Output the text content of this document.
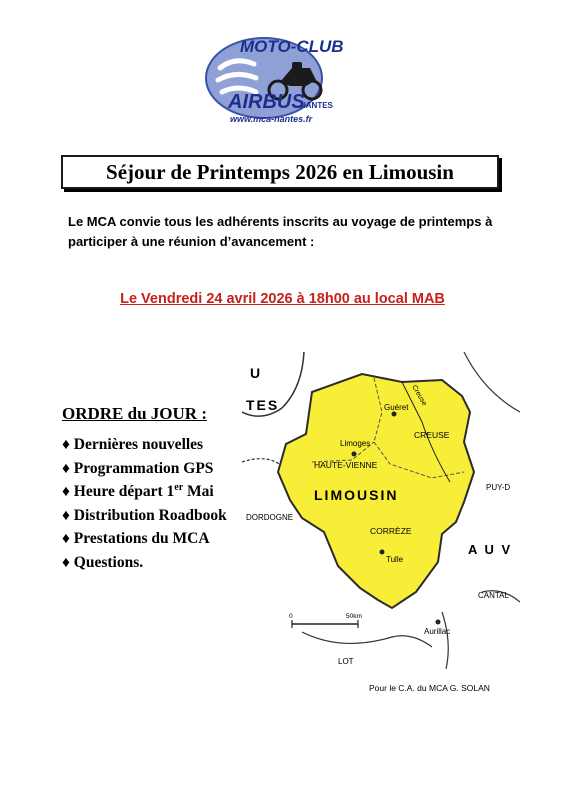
MOTO-CLUB
AIRBUS
NANTES
www.mca-nantes.fr
Séjour de Printemps 2026 en Limousin
Le MCA convie tous les adhérents inscrits au voyage de printemps à participer à une réunion d’avancement :
Le Vendredi 24 avril 2026 à 18h00 au local MAB
ORDRE du JOUR :
♦ Dernières nouvelles
♦ Programmation GPS
♦ Heure départ 1er Mai
♦ Distribution Roadbook
♦ Prestations du MCA
♦ Questions.
Guéret
Limoges
Tulle
Aurillac
CREUSE
HAUTE-VIENNE
CORRÈZE
LIMOUSIN
Creuse
DORDOGNE
PUY-D
CANTAL
LOT
A U V
TES
U
0	50km
Pour le C.A. du MCA G. SOLAN
